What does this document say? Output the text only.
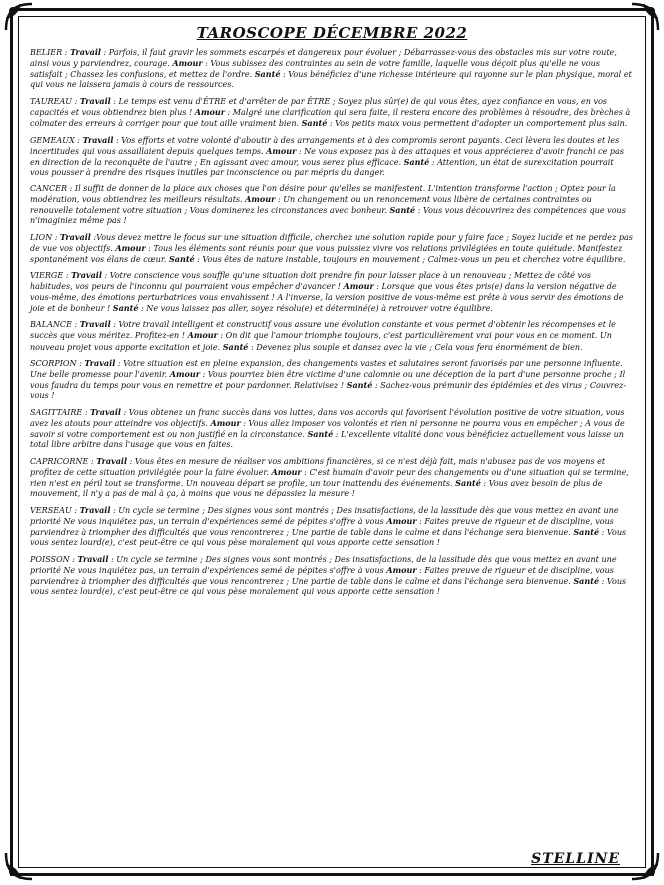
TAROSCOPE DÉCEMBRE 2022

BELIER : Travail : Parfois, il faut gravir les sommets escarpés et dangereux pour évoluer ; Débarrassez-vous des obstacles mis sur votre route, ainsi vous y parviendrez, courage. Amour : Vous subissez des contraintes au sein de votre famille, laquelle vous déçoit plus qu'elle ne vous satisfait ; Chassez les confusions, et mettez de l'ordre. Santé : Vous bénéficiez d'une richesse intérieure qui rayonne sur le plan physique, moral et qui vous ne laissera jamais à cours de ressources.

TAUREAU : Travail : Le temps est venu d'ÊTRE et d'arrêter de par ÊTRE ; Soyez plus sûr(e) de qui vous êtes, ayez confiance en vous, en vos capacités et vous obtiendrez bien plus ! Amour : Malgré une clarification qui sera faite, il restera encore des problèmes à résoudre, des brèches à colmater des erreurs à corriger pour que tout aille vraiment bien. Santé : Vos petits maux vous permettent d'adopter un comportement plus sain.

GEMEAUX : Travail : Vos efforts et votre volonté d'aboutir à des arrangements et à des compromis seront payants. Ceci lèvera les doutes et les incertitudes qui vous assaillaient depuis quelques temps. Amour : Ne vous exposez pas à des attaques et vous apprécierez d'avoir franchi ce pas en direction de la reconquête de l'autre ; En agissant avec amour, vous serez plus efficace. Santé : Attention, un état de surexcitation pourrait vous pousser à prendre des risques inutiles par inconscience ou par mépris du danger.

CANCER : Il suffit de donner de la place aux choses que l'on désire pour qu'elles se manifestent. L'intention transforme l'action ; Optez pour la modération, vous obtiendrez les meilleurs résultats. Amour : Un changement ou un renoncement vous libère de certaines contraintes ou renouvelle totalement votre situation ; Vous dominerez les circonstances avec bonheur. Santé : Vous vous découvrirez des compétences que vous n'imaginiez même pas !

LION : Travail :Vous devez mettre le focus sur une situation difficile, cherchez une solution rapide pour y faire face ; Soyez lucide et ne perdez pas de vue vos objectifs. Amour : Tous les éléments sont réunis pour que vous puissiez vivre vos relations privilégiées en toute quiétude. Manifestez spontanément vos élans de cœur. Santé : Vous êtes de nature instable, toujours en mouvement ; Calmez-vous un peu et cherchez votre équilibre.

VIERGE : Travail : Votre conscience vous souffle qu'une situation doit prendre fin pour laisser place à un renouveau ; Mettez de côté vos habitudes, vos peurs de l'inconnu qui pourraient vous empêcher d'avancer ! Amour : Lorsque que vous êtes pris(e) dans la version négative de vous-même, des émotions perturbatrices vous envahissent ! A l'inverse, la version positive de vous-même est prête à vous servir des émotions de joie et de bonheur ! Santé : Ne vous laissez pas aller, soyez résolu(e) et déterminé(e) à retrouver votre équilibre.

BALANCE : Travail : Votre travail intelligent et constructif vous assure une évolution constante et vous permet d'obtenir les récompenses et le succès que vous méritez. Profitez-en ! Amour : On dit que l'amour triomphe toujours, c'est particulièrement vrai pour vous en ce moment. Un nouveau projet vous apporte excitation et joie. Santé : Devenez plus souple et dansez avec la vie ; Cela vous fera énormément de bien.

SCORPION : Travail : Votre situation est en pleine expansion, des changements vastes et salutaires seront favorisés par une personne influente. Une belle promesse pour l'avenir. Amour : Vous pourriez bien être victime d'une calomnie ou une déception de la part d'une personne proche ; Il vous faudra du temps pour vous en remettre et pour pardonner. Relativisez ! Santé : Sachez-vous prémunir des épidémies et des virus ; Couvrez-vous !

SAGITTAIRE : Travail : Vous obtenez un franc succès dans vos luttes, dans vos accords qui favorisent l'évolution positive de votre situation, vous avez les atouts pour atteindre vos objectifs. Amour : Vous allez imposer vos volontés et rien ni personne ne pourra vous en empêcher ; A vous de savoir si votre comportement est ou non justifié en la circonstance. Santé : L'excellente vitalité donc vous bénéficiez actuellement vous laisse un total libre arbitre dans l'usage que vous en faites.

CAPRICORNE : Travail : Vous êtes en mesure de réaliser vos ambitions financières, si ce n'est déjà fait, mais n'abusez pas de vos moyens et profitez de cette situation privilégiée pour la faire évoluer. Amour : C'est humain d'avoir peur des changements ou d'une situation qui se termine, rien n'est en péril tout se transforme. Un nouveau départ se profile, un tour inattendu des événements. Santé : Vous avez besoin de plus de mouvement, il n'y a pas de mal à ça, à moins que vous ne dépassiez la mesure !

VERSEAU : Travail : Un cycle se termine ; Des signes vous sont montrés ; Des insatisfactions, de la lassitude dès que vous mettez en avant une priorité Ne vous inquiétez pas, un terrain d'expériences semé de pépites s'offre à vous Amour : Faites preuve de rigueur et de discipline, vous parviendrez à triompher des difficultés que vous rencontrerez ; Une partie de table dans le calme et dans l'échange sera bienvenue. Santé : Vous vous sentez lourd(e), c'est peut-être ce qui vous pèse moralement qui vous apporte cette sensation !

POISSON : Travail : Un cycle se termine ; Des signes vous sont montrés ; Des insatisfactions, de la lassitude dès que vous mettez en avant une priorité Ne vous inquiétez pas, un terrain d'expériences semé de pépites s'offre à vous Amour : Faites preuve de rigueur et de discipline, vous parviendrez à triompher des difficultés que vous rencontrerez ; Une partie de table dans le calme et dans l'échange sera bienvenue. Santé : Vous vous sentez lourd(e), c'est peut-être ce qui vous pèse moralement qui vous apporte cette sensation !

STELLINE
